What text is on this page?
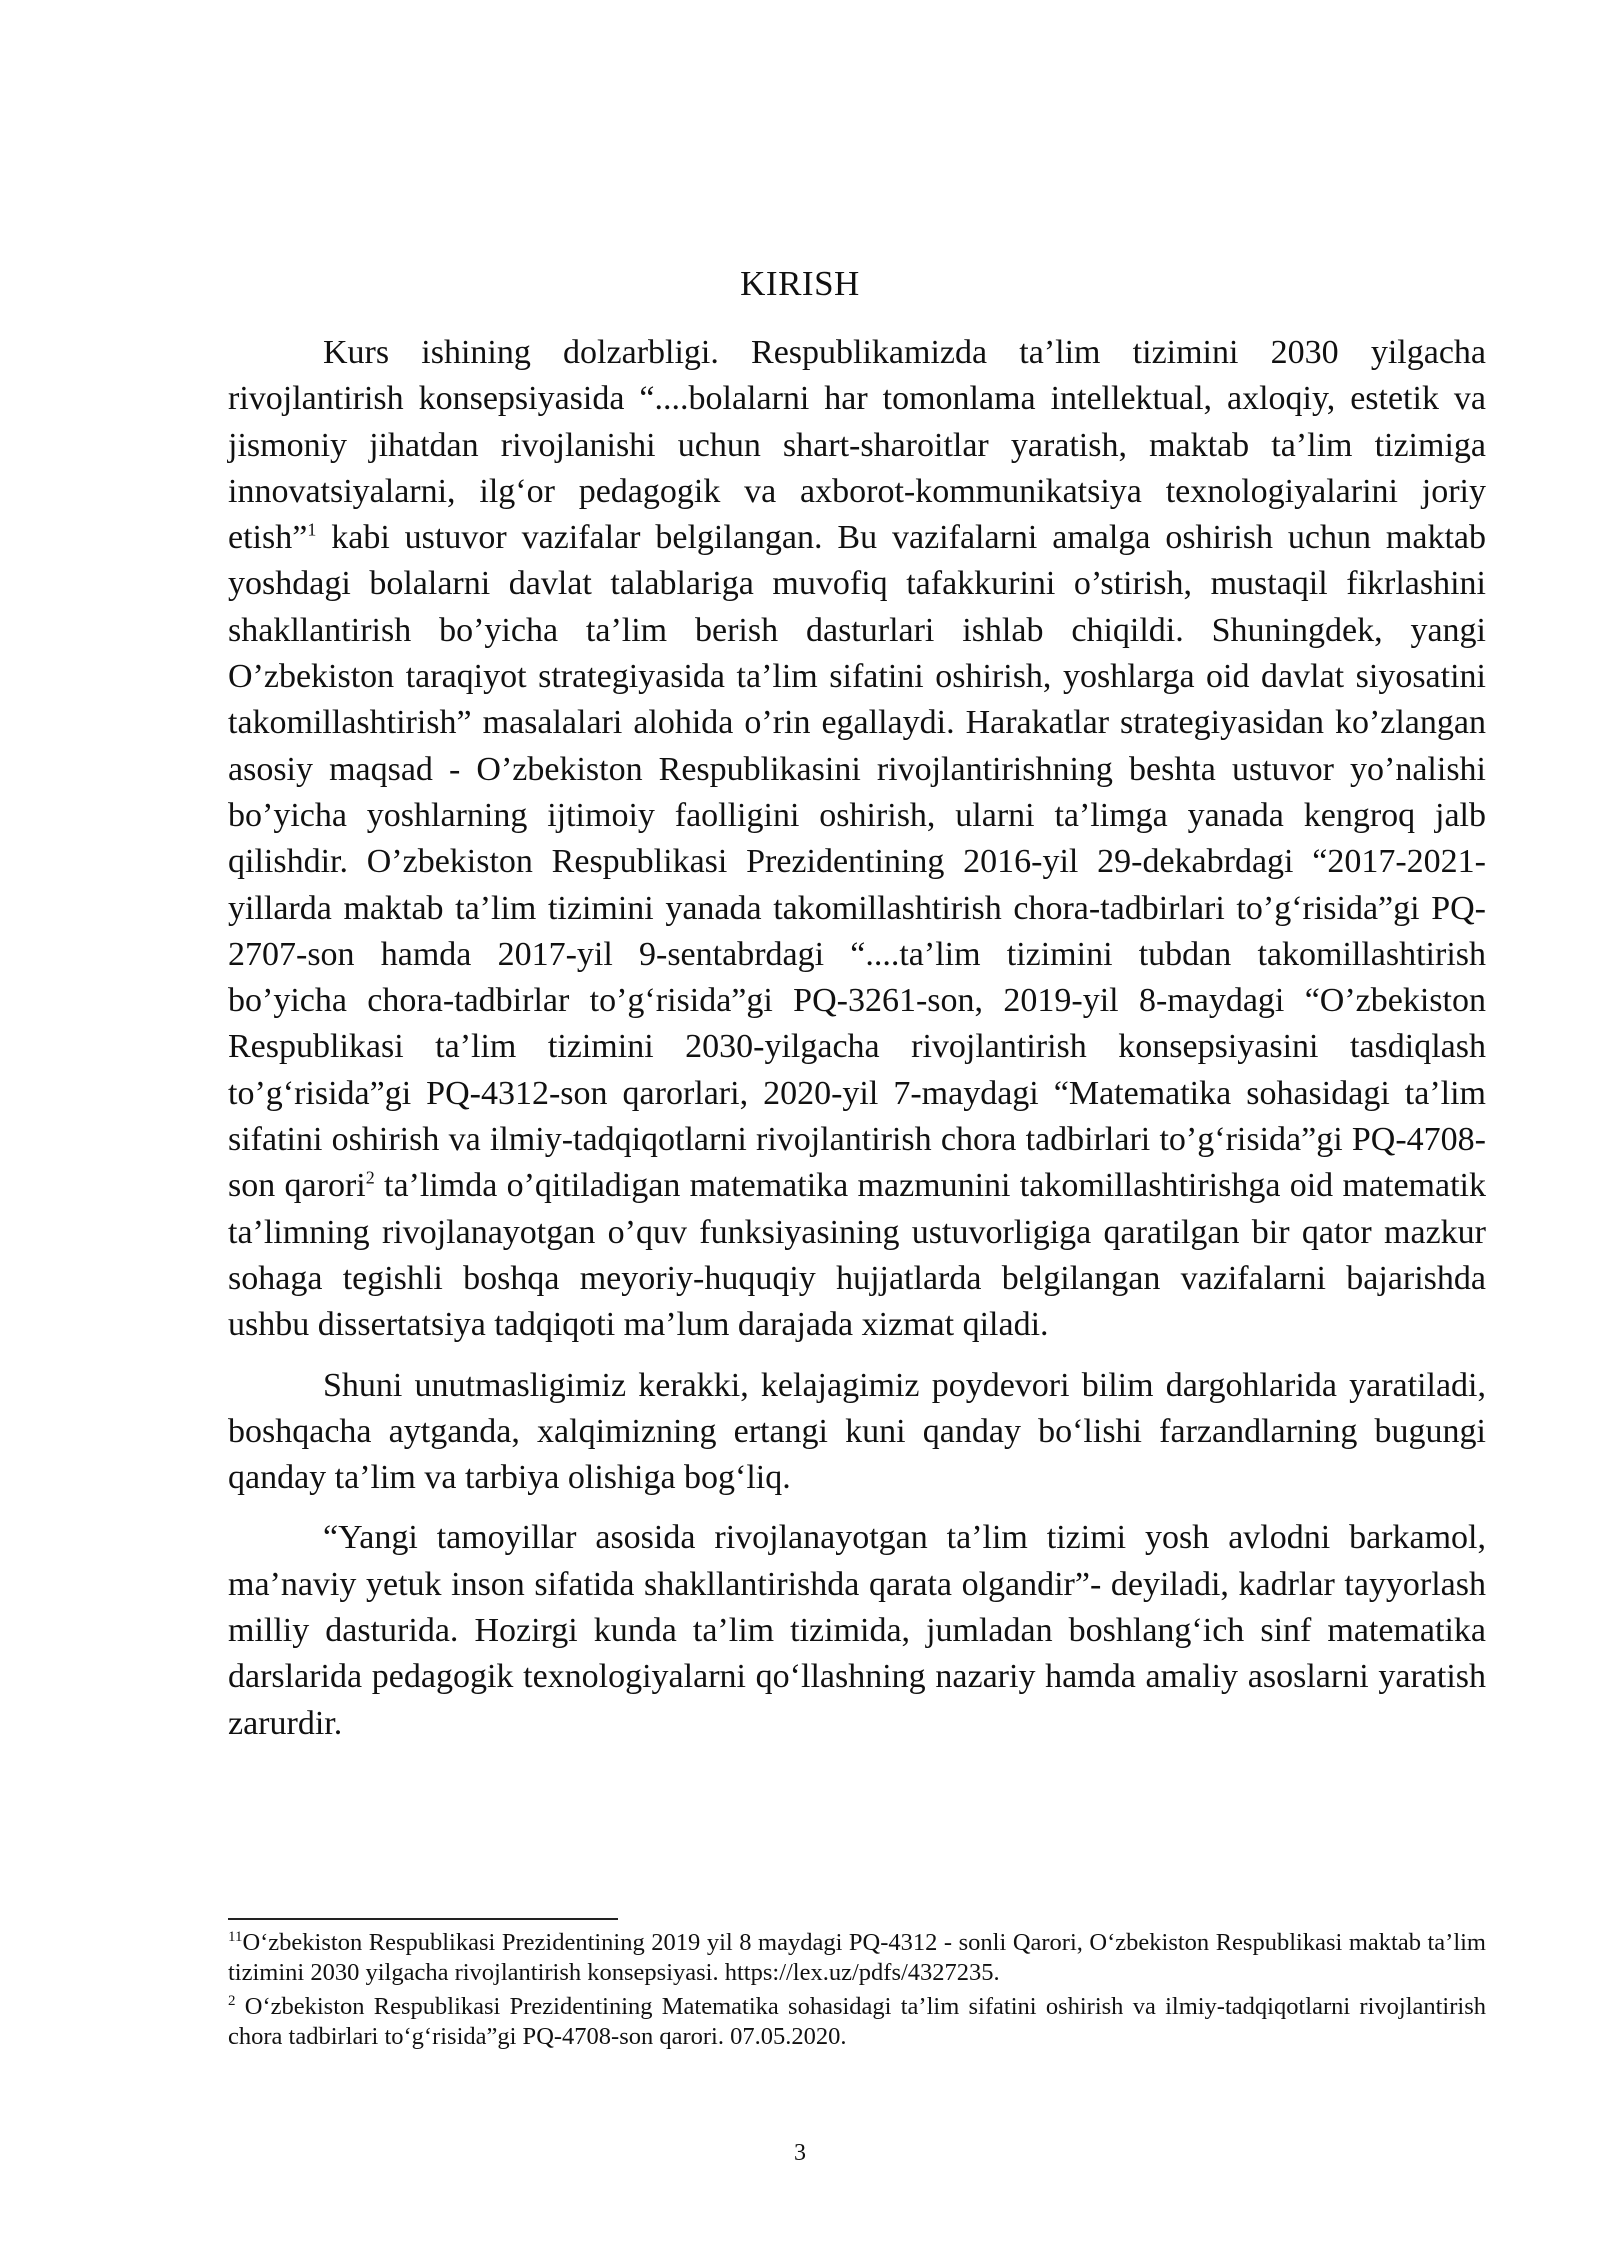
KIRISH

Kurs ishining dolzarbligi. Respublikamizda ta’lim tizimini 2030 yilgacha rivojlantirish konsepsiyasida “....bolalarni har tomonlama intellektual, axloqiy, estetik va jismoniy jihatdan rivojlanishi uchun shart-sharoitlar yaratish, maktab ta’lim tizimiga innovatsiyalarni, ilg‘or pedagogik va axborot-kommunikatsiya texnologiyalarini joriy etish”$^1$ kabi ustuvor vazifalar belgilangan. Bu vazifalarni amalga oshirish uchun maktab yoshdagi bolalarni davlat talablariga muvofiq tafakkurini o’stirish, mustaqil fikrlashini shakllantirish bo’yicha ta’lim berish dasturlari ishlab chiqildi. Shuningdek, yangi O’zbekiston taraqiyot strategiyasida ta’lim sifatini oshirish, yoshlarga oid davlat siyosatini takomillashtirish” masalalari alohida o’rin egallaydi. Harakatlar strategiyasidan ko’zlangan asosiy maqsad - O’zbekiston Respublikasini rivojlantirishning beshta ustuvor yo’nalishi bo’yicha yoshlarning ijtimoiy faolligini oshirish, ularni ta’limga yanada kengroq jalb qilishdir. O’zbekiston Respublikasi Prezidentining 2016-yil 29-dekabrdagi “2017-2021-yillarda maktab ta’lim tizimini yanada takomillashtirish chora-tadbirlari to’g‘risida”gi PQ-2707-son hamda 2017-yil 9-sentabrdagi “....ta’lim tizimini tubdan takomillashtirish bo’yicha chora-tadbirlar to’g‘risida”gi PQ-3261-son, 2019-yil 8-maydagi “O’zbekiston Respublikasi ta’lim tizimini 2030-yilgacha rivojlantirish konsepsiyasini tasdiqlash to’g‘risida”gi PQ-4312-son qarorlari, 2020-yil 7-maydagi “Matematika sohasidagi ta’lim sifatini oshirish va ilmiy-tadqiqotlarni rivojlantirish chora tadbirlari to’g‘risida”gi PQ-4708-son qarori$^2$ ta’limda o’qitiladigan matematika mazmunini takomillashtirishga oid matematik ta’limning rivojlanayotgan o’quv funksiyasining ustuvorligiga qaratilgan bir qator mazkur sohaga tegishli boshqa meyoriy-huquqiy hujjatlarda belgilangan vazifalarni bajarishda ushbu dissertatsiya tadqiqoti ma’lum darajada xizmat qiladi.

Shuni unutmasligimiz kerakki, kelajagimiz poydevori bilim dargohlarida yaratiladi, boshqacha aytganda, xalqimizning ertangi kuni qanday bo‘lishi farzandlarning bugungi qanday ta’lim va tarbiya olishiga bog‘liq.

“Yangi tamoyillar asosida rivojlanayotgan ta’lim tizimi yosh avlodni barkamol, ma’naviy yetuk inson sifatida shakllantirishda qarata olgandir”- deyiladi, kadrlar tayyorlash milliy dasturida. Hozirgi kunda ta’lim tizimida, jumladan boshlang‘ich sinf matematika darslarida pedagogik texnologiyalarni qo‘llashning nazariy hamda amaliy asoslarni yaratish zarurdir.

$^{11}$O‘zbekiston Respublikasi Prezidentining 2019 yil 8 maydagi PQ-4312 - sonli Qarori, O‘zbekiston Respublikasi maktab ta’lim tizimini 2030 yilgacha rivojlantirish konsepsiyasi. https://lex.uz/pdfs/4327235.

$^2$ O‘zbekiston Respublikasi Prezidentining Matematika sohasidagi ta’lim sifatini oshirish va ilmiy-tadqiqotlarni rivojlantirish chora tadbirlari to‘g‘risida”gi PQ-4708-son qarori. 07.05.2020.

3
